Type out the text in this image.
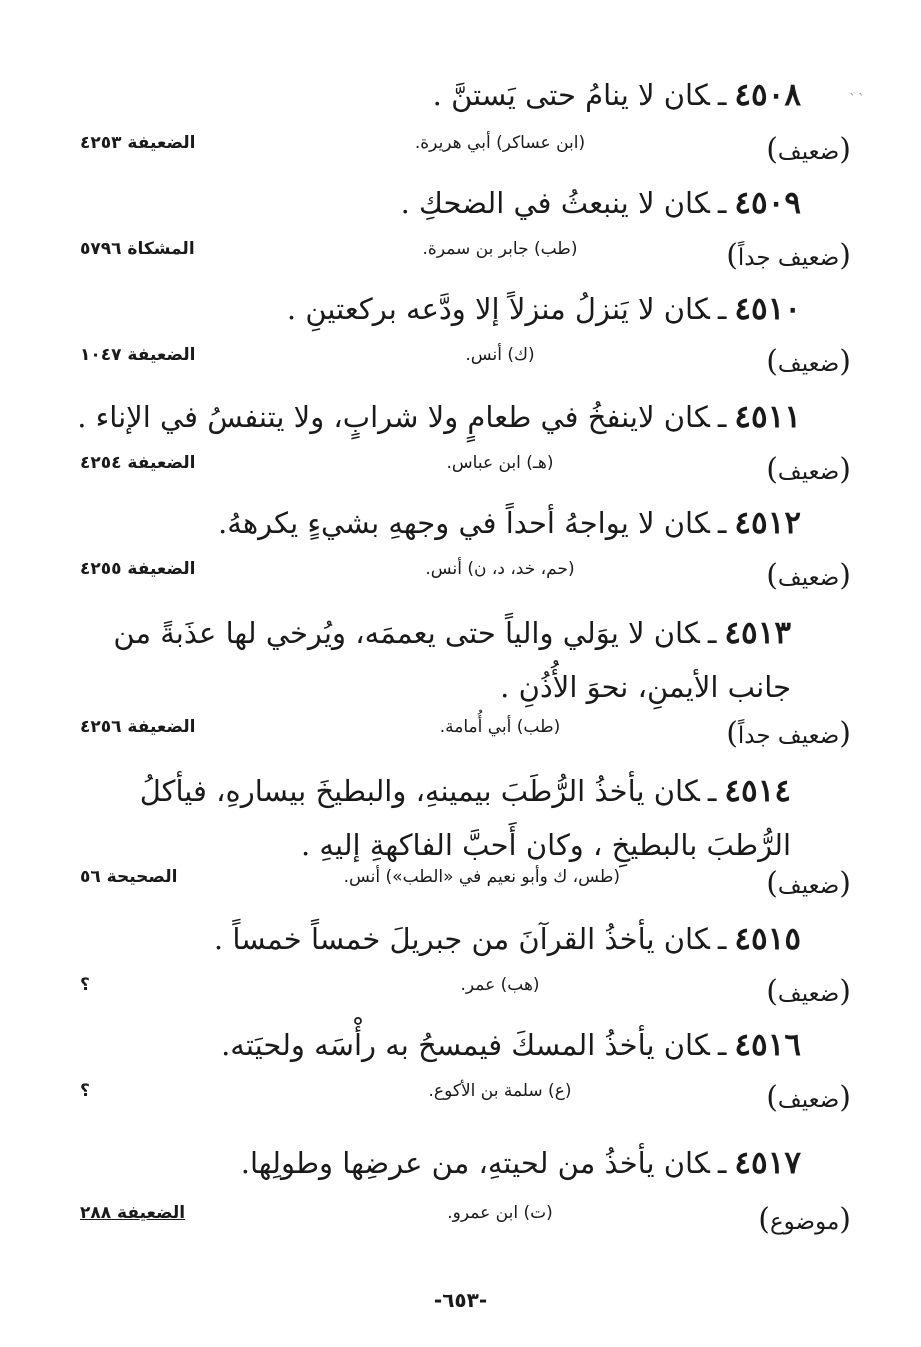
``
٤٥٠٨ـكان لا ينامُ حتى يَستنَّ .
(ضعيف)
(ابن عساكر) أبي هريرة.
الضعيفة ٤٢٥٣
٤٥٠٩ـكان لا ينبعثُ في الضحكِ .
(ضعيف جداً)
(طب) جابر بن سمرة.
المشكاة ٥٧٩٦
٤٥١٠ـكان لا يَنزلُ منزلاً إلا ودَّعه بركعتينِ .
(ضعيف)
(ك) أنس.
الضعيفة ١٠٤٧
٤٥١١ـكان لاينفخُ في طعامٍ ولا شرابٍ، ولا يتنفسُ في الإناء .
(ضعيف)
(هـ) ابن عباس.
الضعيفة ٤٢٥٤
٤٥١٢ـكان لا يواجهُ أحداً في وجههِ بشيءٍ يكرههُ.
(ضعيف)
(حم، خد، د، ن) أنس.
الضعيفة ٤٢٥٥
٤٥١٣ـكان لا يوَلي والياً حتى يعممَه، ويُرخي لها عذَبةً من جانب الأيمنِ، نحوَ الأُذُنِ .
(ضعيف جداً)
(طب) أبي أُمامة.
الضعيفة ٤٢٥٦
٤٥١٤ـكان يأخذُ الرُّطَبَ بيمينهِ، والبطيخَ بيسارهِ، فيأكلُ الرُّطبَ بالبطيخِ ، وكان أَحبَّ الفاكهةِ إليهِ .
(ضعيف)
(طس، ك وأبو نعيم في «الطب») أنس.
الصحيحة ٥٦
٤٥١٥ـكان يأخذُ القرآنَ من جبريلَ خمساً خمساً .
(ضعيف)
(هب) عمر.
؟
٤٥١٦ـكان يأخذُ المسكَ فيمسحُ به رأْسَه ولحيَته.
(ضعيف)
(ع) سلمة بن الأكوع.
؟
٤٥١٧ـكان يأخذُ من لحيتهِ، من عرضِها وطولِها.
(موضوع)
(ت) ابن عمرو.
الضعيفة ٢٨٨
-٦٥٣-
